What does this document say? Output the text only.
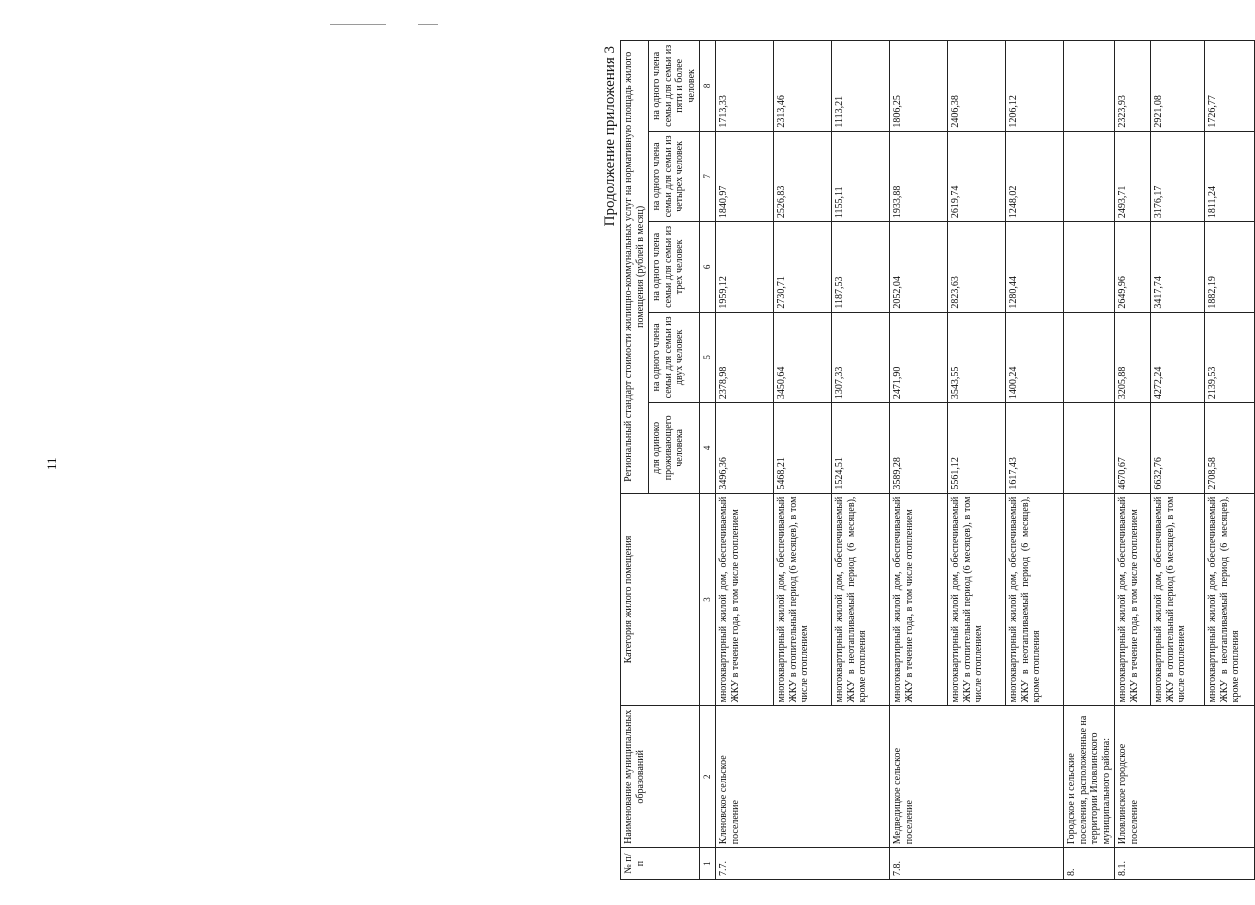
11
Продолжение приложения 3
№ п/п	Наименование муниципальных образований	Категория жилого помещения	Региональный стандарт стоимости жилищно-коммунальных услуг на нормативную площадь жилого помещения (рублей в месяц)				
			для одиноко проживающего человека	на одного члена семьи для семьи из двух человек	на одного члена семьи для семьи из трех человек	на одного члена семьи для семьи из четырех человек	на одного члена семьи для семьи из пяти и более человек
1	2	3	4	5	6	7	8
7.7.	Кленовское сельское поселение	многоквартирный жилой дом, обеспечиваемый ЖКУ в течение года, в том числе отоплением	3496,36	2378,98	1959,12	1840,97	1713,33
		многоквартирный жилой дом, обеспечиваемый ЖКУ в отопительный период (6 месяцев), в том числе отоплением	5468,21	3450,64	2730,71	2526,83	2313,46
		многоквартирный жилой дом, обеспечиваемый ЖКУ в неотапливаемый период (6 месяцев), кроме отопления	1524,51	1307,33	1187,53	1155,11	1113,21
7.8.	Медведицкое сельское поселение	многоквартирный жилой дом, обеспечиваемый ЖКУ в течение года, в том числе отоплением	3589,28	2471,90	2052,04	1933,88	1806,25
		многоквартирный жилой дом, обеспечиваемый ЖКУ в отопительный период (6 месяцев), в том числе отоплением	5561,12	3543,55	2823,63	2619,74	2406,38
		многоквартирный жилой дом, обеспечиваемый ЖКУ в неотапливаемый период (6 месяцев), кроме отопления	1617,43	1400,24	1280,44	1248,02	1206,12
8.	Городское и сельские поселения, расположенные на территории Иловлинского муниципального района:						
8.1.	Иловлинское городское поселение	многоквартирный жилой дом, обеспечиваемый ЖКУ в течение года, в том числе отоплением	4670,67	3205,88	2649,96	2493,71	2323,93
		многоквартирный жилой дом, обеспечиваемый ЖКУ в отопительный период (6 месяцев), в том числе отоплением	6632,76	4272,24	3417,74	3176,17	2921,08
		многоквартирный жилой дом, обеспечиваемый ЖКУ в неотапливаемый период (6 месяцев), кроме отопления	2708,58	2139,53	1882,19	1811,24	1726,77
